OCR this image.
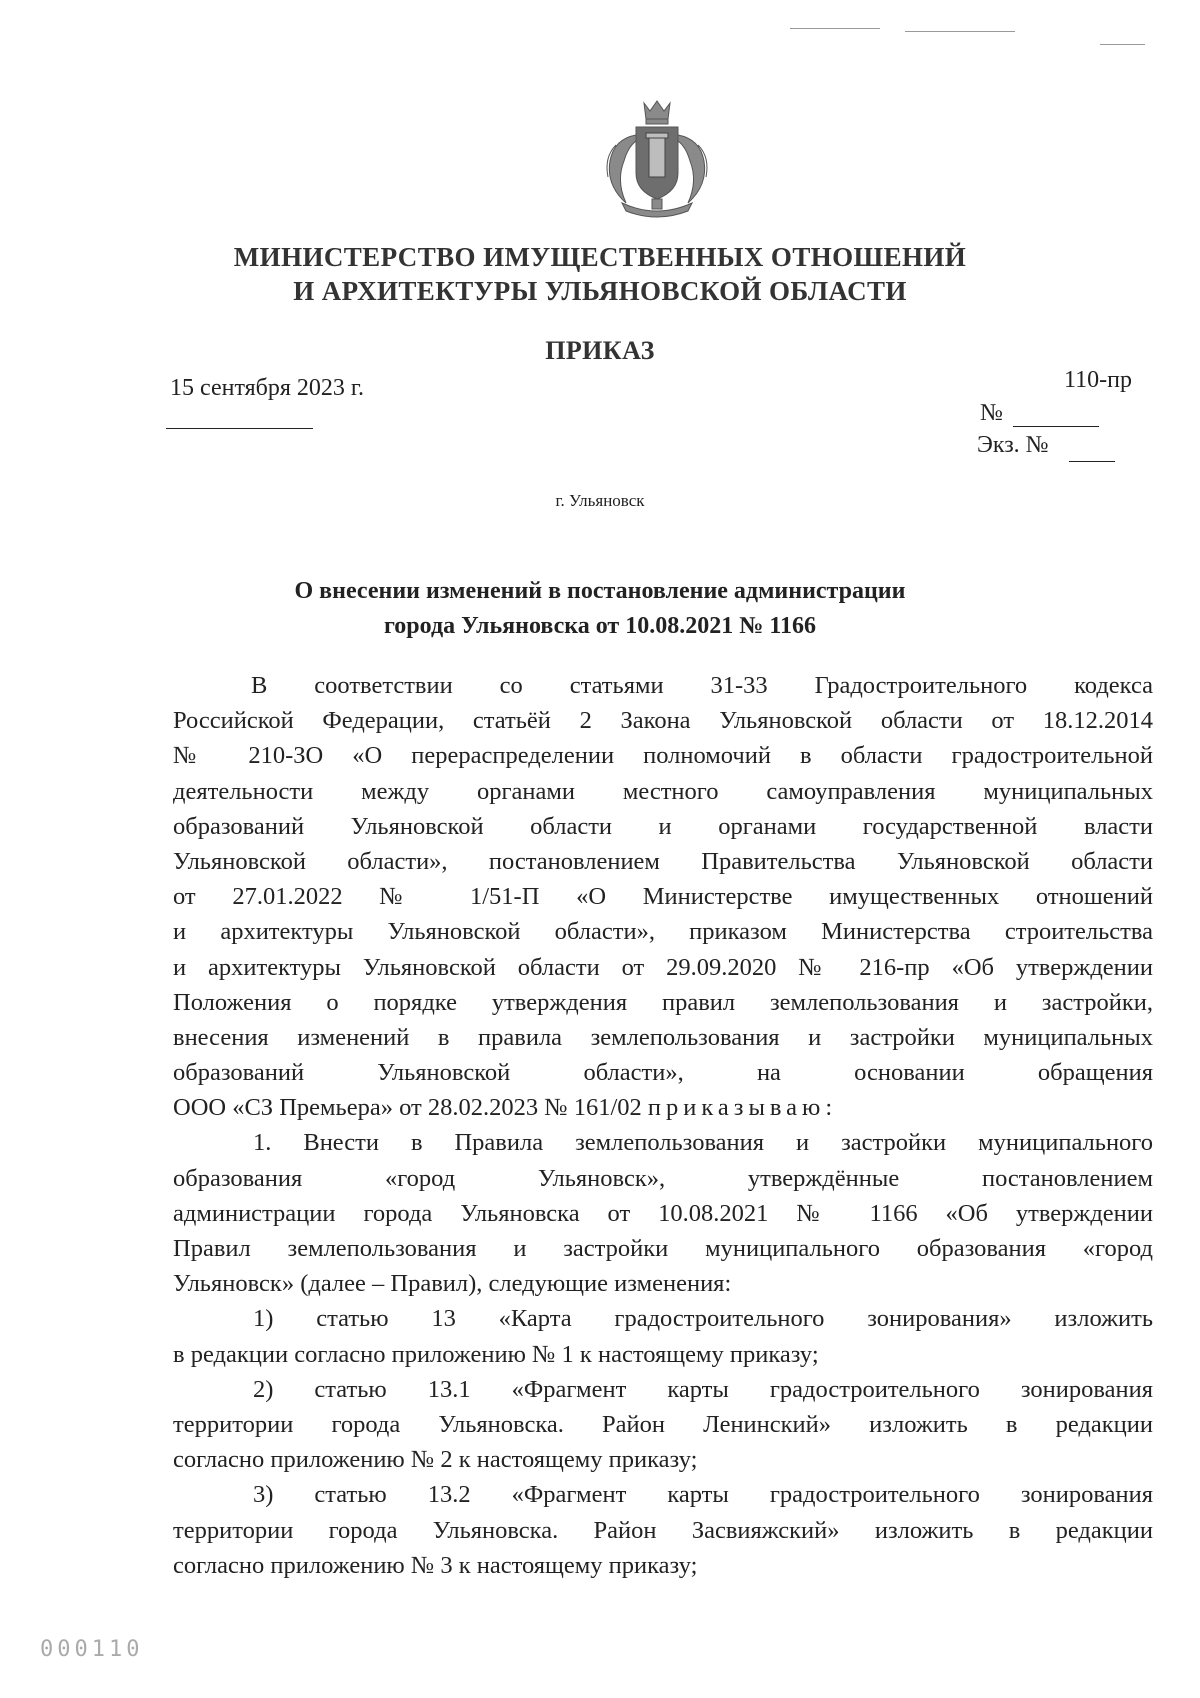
МИНИСТЕРСТВО ИМУЩЕСТВЕННЫХ ОТНОШЕНИЙ
И АРХИТЕКТУРЫ УЛЬЯНОВСКОЙ ОБЛАСТИ
ПРИКАЗ
15 сентября 2023 г.	110-пр
№
Экз. №
г. Ульяновск
О внесении изменений в постановление администрации
города Ульяновска от 10.08.2021 № 1166
В соответствии со статьями 31-33 Градостроительного кодекса
Российской Федерации, статьёй 2 Закона Ульяновской области от 18.12.2014
№ 210-ЗО «О перераспределении полномочий в области градостроительной
деятельности между органами местного самоуправления муниципальных
образований Ульяновской области и органами государственной власти
Ульяновской области», постановлением Правительства Ульяновской области
от 27.01.2022 № 1/51-П «О Министерстве имущественных отношений
и архитектуры Ульяновской области», приказом Министерства строительства
и архитектуры Ульяновской области от 29.09.2020 № 216-пр «Об утверждении
Положения о порядке утверждения правил землепользования и застройки,
внесения изменений в правила землепользования и застройки муниципальных
образований Ульяновской области», на основании обращения
ООО «СЗ Премьера» от 28.02.2023 № 161/02 приказываю:
1. Внести в Правила землепользования и застройки муниципального
образования «город Ульяновск», утверждённые постановлением
администрации города Ульяновска от 10.08.2021 № 1166 «Об утверждении
Правил землепользования и застройки муниципального образования «город
Ульяновск» (далее – Правил), следующие изменения:
1) статью 13 «Карта градостроительного зонирования» изложить
в редакции согласно приложению № 1 к настоящему приказу;
2) статью 13.1 «Фрагмент карты градостроительного зонирования
территории города Ульяновска. Район Ленинский» изложить в редакции
согласно приложению № 2 к настоящему приказу;
3) статью 13.2 «Фрагмент карты градостроительного зонирования
территории города Ульяновска. Район Засвияжский» изложить в редакции
согласно приложению № 3 к настоящему приказу;
000110
